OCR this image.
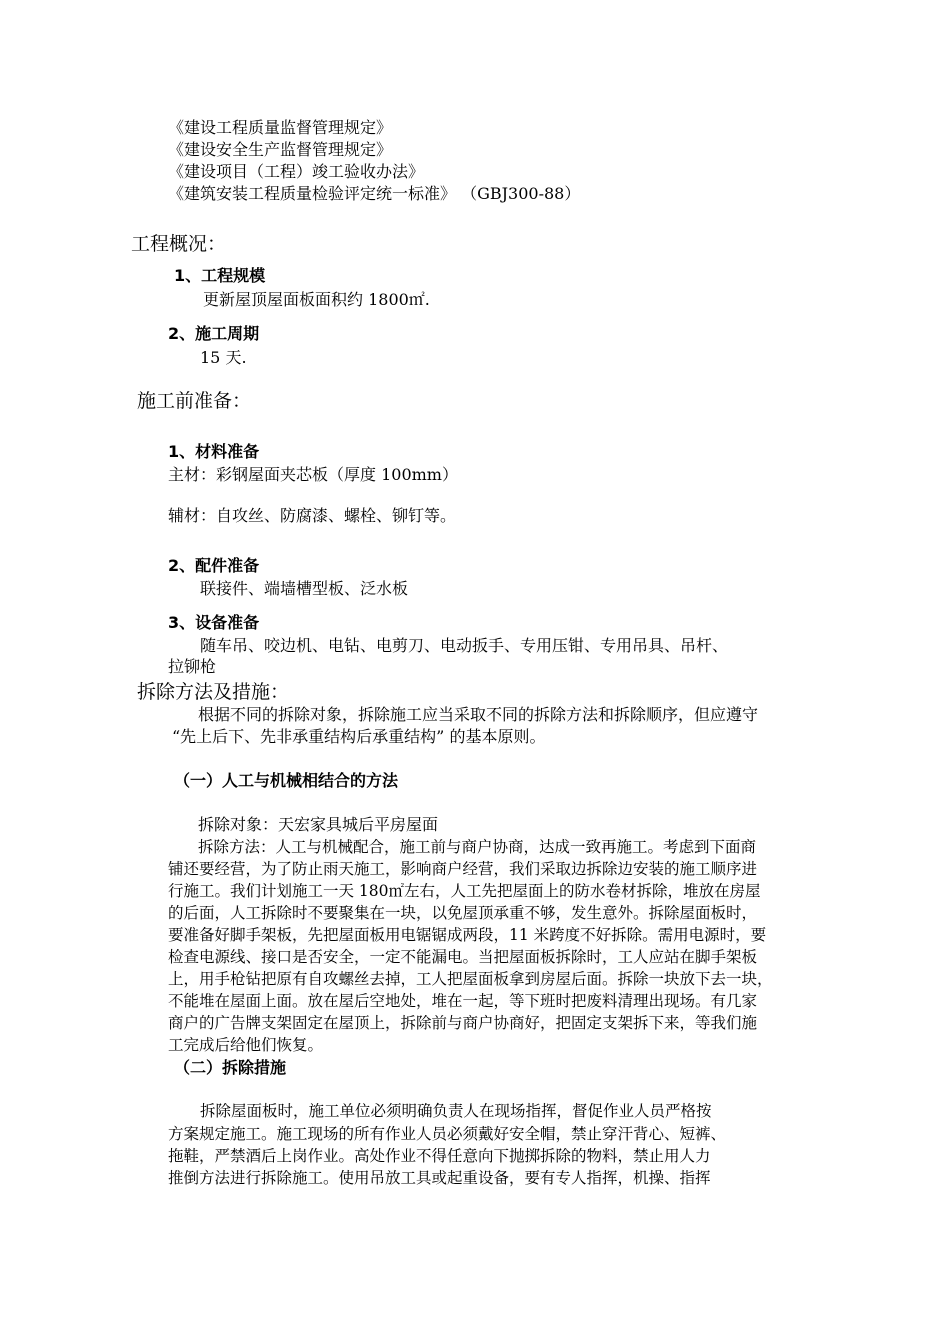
《建设工程质量监督管理规定》
《建设安全生产监督管理规定》
《建设项目（工程）竣工验收办法》
《建筑安装工程质量检验评定统一标准》 （GBJ300-88）
工程概况：
1、工程规模
更新屋顶屋面板面积约 1800㎡.
2、施工周期
15 天.
施工前准备：
1、材料准备
主材：彩钢屋面夹芯板（厚度 100mm）
辅材：自攻丝、防腐漆、螺栓、铆钉等。
2、配件准备
联接件、端墙槽型板、泛水板
3、设备准备
随车吊、咬边机、电钻、电剪刀、电动扳手、专用压钳、专用吊具、吊杆、
拉铆枪
拆除方法及措施：
根据不同的拆除对象，拆除施工应当采取不同的拆除方法和拆除顺序，但应遵守
“先上后下、先非承重结构后承重结构” 的基本原则。
（一）人工与机械相结合的方法
拆除对象：天宏家具城后平房屋面
拆除方法：人工与机械配合，施工前与商户协商，达成一致再施工。考虑到下面商
铺还要经营，为了防止雨天施工，影响商户经营，我们采取边拆除边安装的施工顺序进
行施工。我们计划施工一天 180㎡左右，人工先把屋面上的防水卷材拆除，堆放在房屋
的后面，人工拆除时不要聚集在一块，以免屋顶承重不够，发生意外。拆除屋面板时，
要准备好脚手架板，先把屋面板用电锯锯成两段，11 米跨度不好拆除。需用电源时，要
检查电源线、接口是否安全，一定不能漏电。当把屋面板拆除时，工人应站在脚手架板
上，用手枪钻把原有自攻螺丝去掉，工人把屋面板拿到房屋后面。拆除一块放下去一块，
不能堆在屋面上面。放在屋后空地处，堆在一起，等下班时把废料清理出现场。有几家
商户的广告牌支架固定在屋顶上，拆除前与商户协商好，把固定支架拆下来，等我们施
工完成后给他们恢复。
（二）拆除措施
拆除屋面板时，施工单位必须明确负责人在现场指挥，督促作业人员严格按
方案规定施工。施工现场的所有作业人员必须戴好安全帽，禁止穿汗背心、短裤、
拖鞋，严禁酒后上岗作业。高处作业不得任意向下抛掷拆除的物料，禁止用人力
推倒方法进行拆除施工。使用吊放工具或起重设备，要有专人指挥，机操、指挥
